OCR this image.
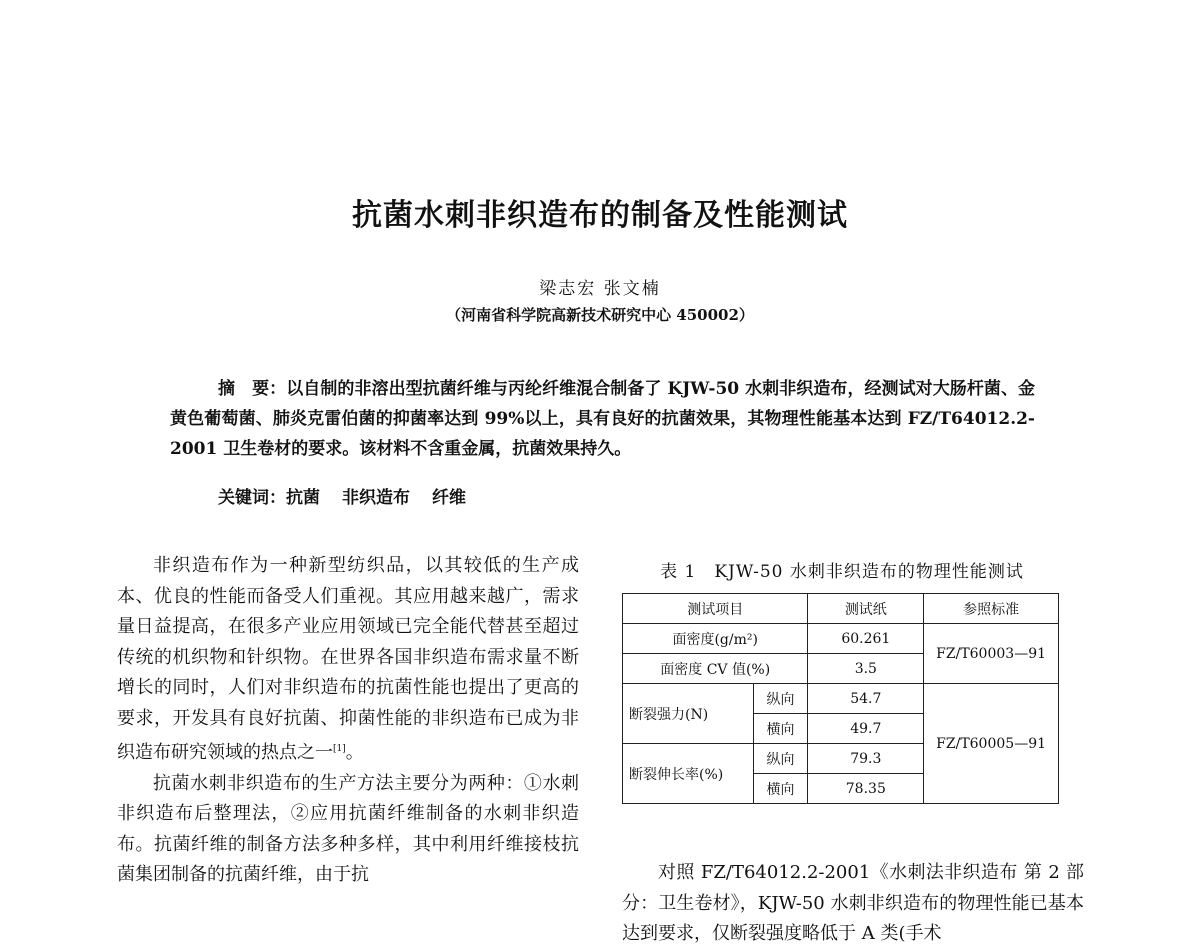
抗菌水刺非织造布的制备及性能测试
梁志宏 张文楠
（河南省科学院高新技术研究中心 450002）

摘　要：以自制的非溶出型抗菌纤维与丙纶纤维混合制备了 KJW-50 水刺非织造布，经测试对大肠杆菌、金黄色葡萄菌、肺炎克雷伯菌的抑菌率达到 99%以上，具有良好的抗菌效果，其物理性能基本达到 FZ/T64012.2-2001 卫生卷材的要求。该材料不含重金属，抗菌效果持久。

关键词：抗菌 非织造布 纤维

非织造布作为一种新型纺织品，以其较低的生产成本、优良的性能而备受人们重视。其应用越来越广，需求量日益提高，在很多产业应用领域已完全能代替甚至超过传统的机织物和针织物。在世界各国非织造布需求量不断增长的同时，人们对非织造布的抗菌性能也提出了更高的要求，开发具有良好抗菌、抑菌性能的非织造布已成为非织造布研究领域的热点之一[1]。

抗菌水刺非织造布的生产方法主要分为两种：①水刺非织造布后整理法，②应用抗菌纤维制备的水刺非织造布。抗菌纤维的制备方法多种多样，其中利用纤维接枝抗菌集团制备的抗菌纤维，由于抗

表 1　KJW-50 水刺非织造布的物理性能测试
测试项目		测试纸	参照标准
面密度(g/m²)		60.261	FZ/T60003—91
面密度 CV 值(%)		3.5	
断裂强力(N)	纵向	54.7	FZ/T60005—91
	横向	49.7	
断裂伸长率(%)	纵向	79.3	
	横向	78.35	

对照 FZ/T64012.2-2001《水刺法非织造布 第 2 部分：卫生卷材》，KJW-50 水刺非织造布的物理性能已基本达到要求，仅断裂强度略低于 A 类(手术
